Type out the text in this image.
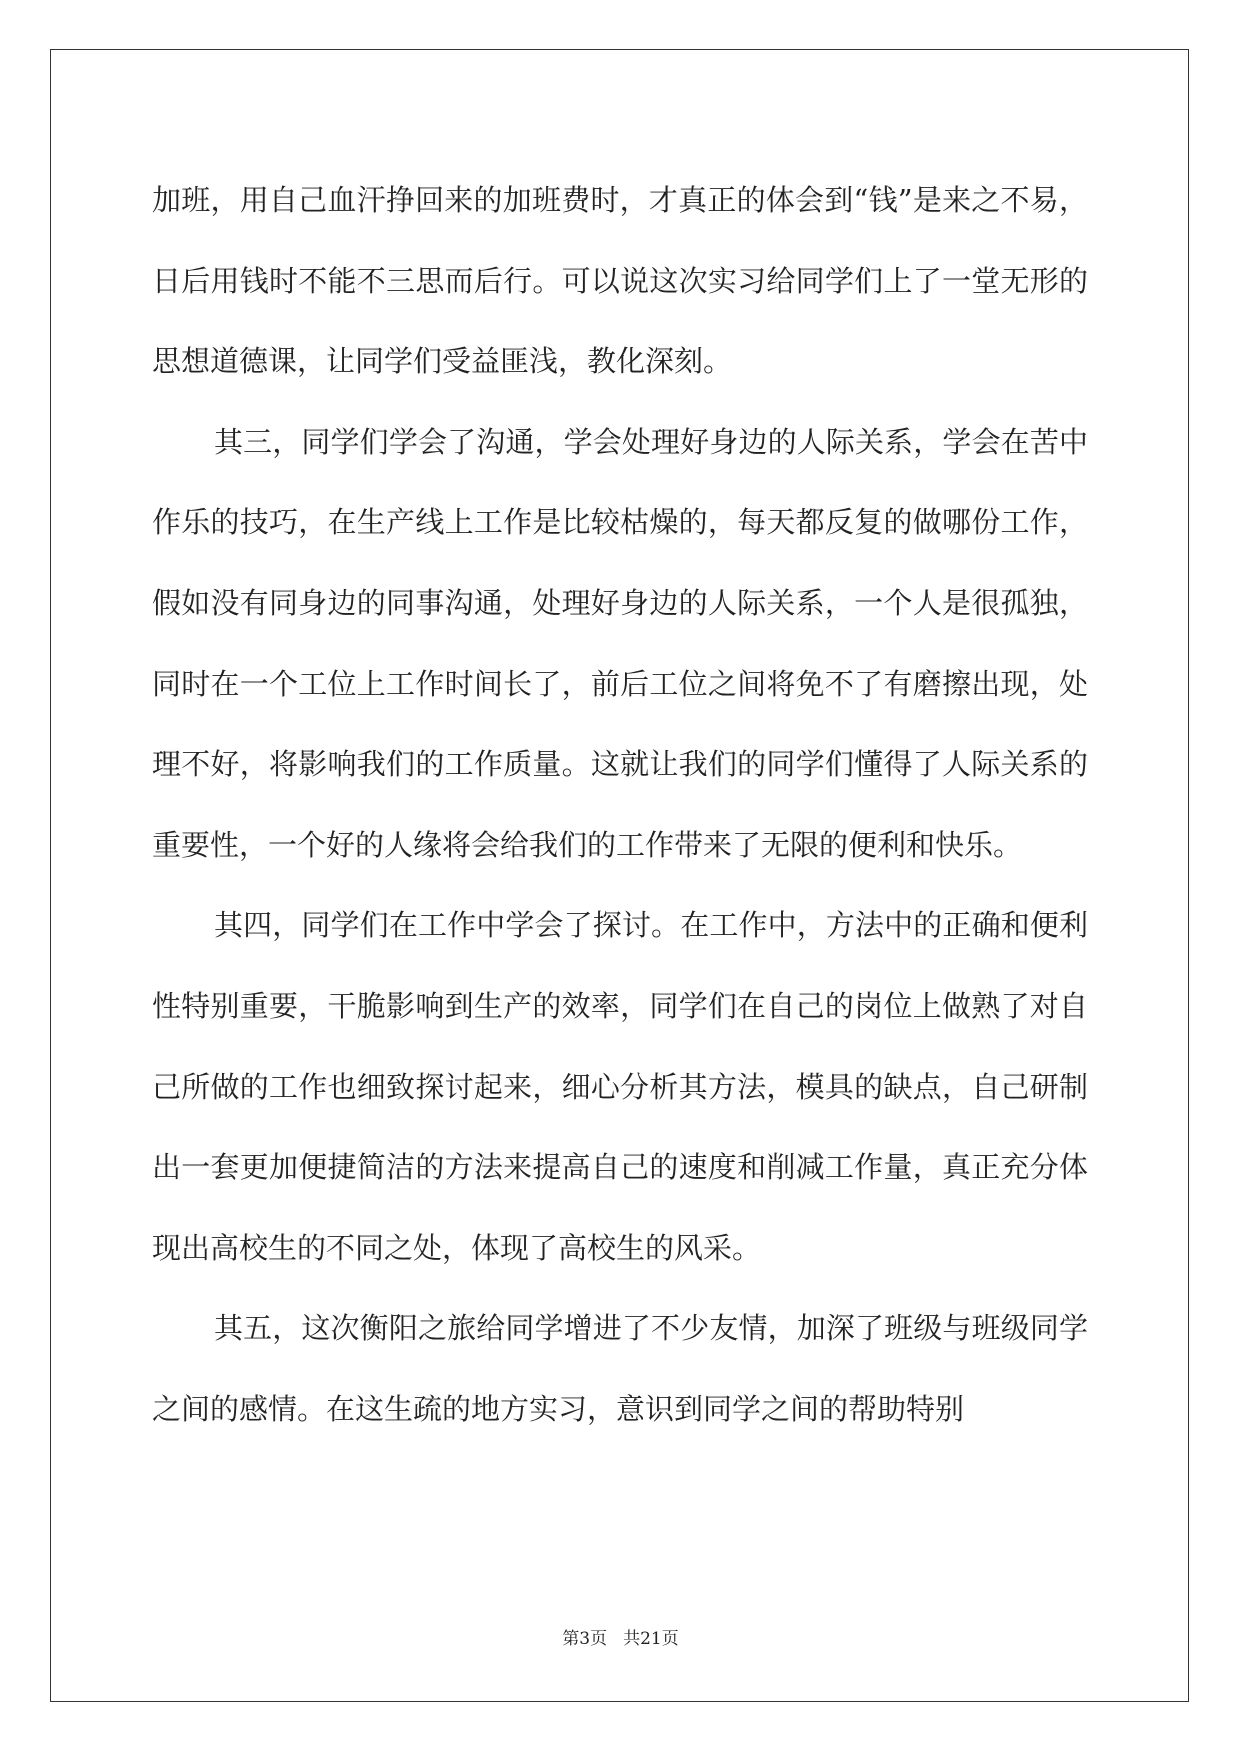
加班，用自己血汗挣回来的加班费时，才真正的体会到“钱”是来之不易，日后用钱时不能不三思而后行。可以说这次实习给同学们上了一堂无形的思想道德课，让同学们受益匪浅，教化深刻。

其三，同学们学会了沟通，学会处理好身边的人际关系，学会在苦中作乐的技巧，在生产线上工作是比较枯燥的，每天都反复的做哪份工作，假如没有同身边的同事沟通，处理好身边的人际关系，一个人是很孤独，同时在一个工位上工作时间长了，前后工位之间将免不了有磨擦出现，处理不好，将影响我们的工作质量。这就让我们的同学们懂得了人际关系的重要性，一个好的人缘将会给我们的工作带来了无限的便利和快乐。

其四，同学们在工作中学会了探讨。在工作中，方法中的正确和便利性特别重要，干脆影响到生产的效率，同学们在自己的岗位上做熟了对自己所做的工作也细致探讨起来，细心分析其方法，模具的缺点，自己研制出一套更加便捷简洁的方法来提高自己的速度和削减工作量，真正充分体现出高校生的不同之处，体现了高校生的风采。

其五，这次衡阳之旅给同学增进了不少友情，加深了班级与班级同学之间的感情。在这生疏的地方实习，意识到同学之间的帮助特别

第3页 共21页
